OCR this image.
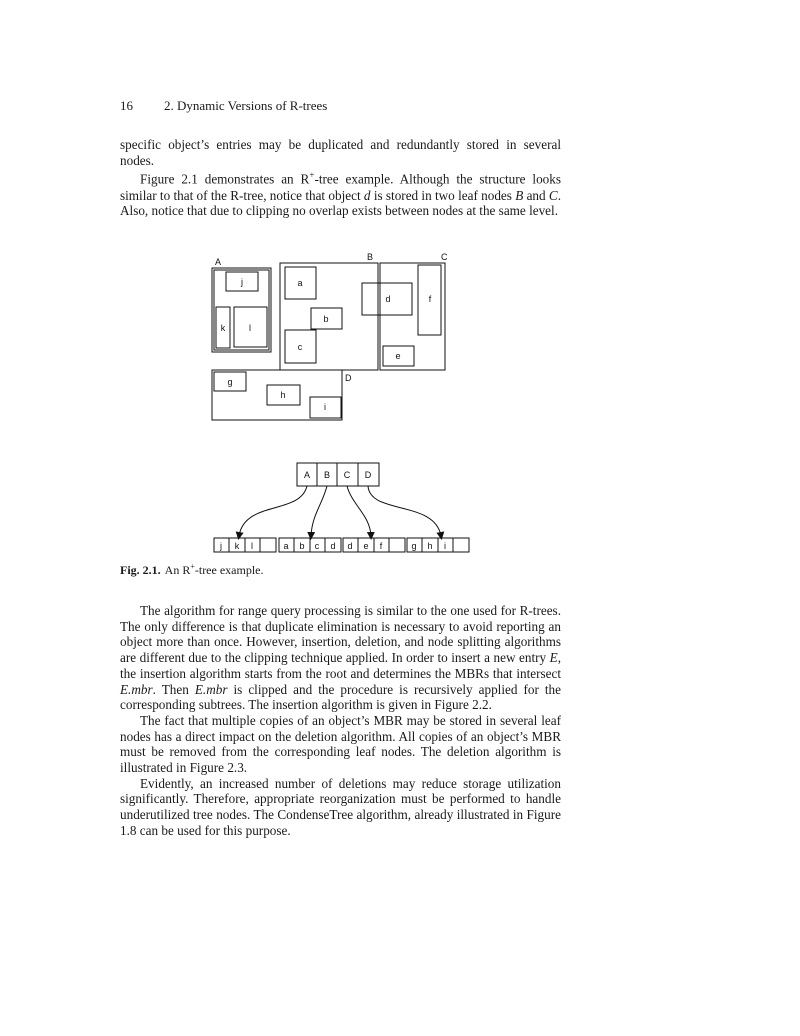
16 2. Dynamic Versions of R-trees

specific object’s entries may be duplicated and redundantly stored in several

nodes.

Figure 2.1 demonstrates an R+-tree example. Although the structure looks similar to that of the R-tree, notice that object d is stored in two leaf nodes B and C. Also, notice that due to clipping no overlap exists between nodes at the same level.

A	B	C
D
j
k	l
a
b
c
d	f
e
g
h
i
A B C D
j k l	a b c d d e f	g h i
Fig. 2.1. An R+-tree example.

The algorithm for range query processing is similar to the one used for R-trees. The only difference is that duplicate elimination is necessary to avoid reporting an object more than once. However, insertion, deletion, and node splitting algorithms are different due to the clipping technique applied. In order to insert a new entry E, the insertion algorithm starts from the root and determines the MBRs that intersect E.mbr. Then E.mbr is clipped and the procedure is recursively applied for the corresponding subtrees. The insertion algorithm is given in Figure 2.2.

The fact that multiple copies of an object’s MBR may be stored in several leaf nodes has a direct impact on the deletion algorithm. All copies of an object’s MBR must be removed from the corresponding leaf nodes. The deletion algorithm is illustrated in Figure 2.3.

Evidently, an increased number of deletions may reduce storage utilization significantly. Therefore, appropriate reorganization must be performed to handle underutilized tree nodes. The CondenseTree algorithm, already illustrated in Figure 1.8 can be used for this purpose.
